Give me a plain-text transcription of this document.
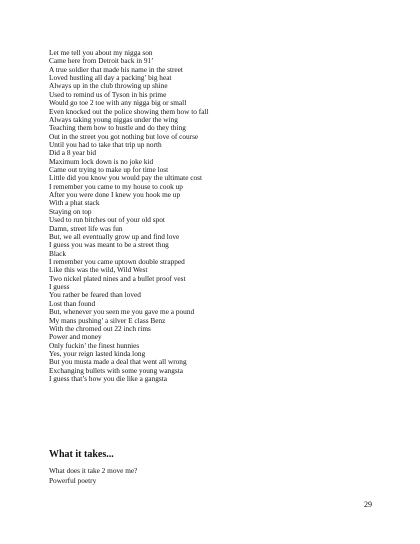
Let me tell you about my nigga son
Came here from Detroit back in 91’
A true soldier that made his name in the street
Loved hustling all day a packing’ big heat
Always up in the club throwing up shine
Used to remind us of Tyson in his prime
Would go toe 2 toe with any nigga big or small
Even knocked out the police showing them how to fall
Always taking young niggas under the wing
Teaching them how to hustle and do they thing
Out in the street you got nothing but love of course
Until you had to take that trip up north
Did a 8 year bid
Maximum lock down is no joke kid
Came out trying to make up for time lost
Little did you know you would pay the ultimate cost
I remember you came to my house to cook up
After you were done I knew you hook me up
With a phat stack
Staying on top
Used to run bitches out of your old spot
Damn, street life was fun
But, we all eventually grow up and find love
I guess you was meant to be a street thug
Black
I remember you came uptown double strapped
Like this was the wild, Wild West
Two nickel plated nines and a bullet proof vest
I guess
You rather be feared than loved
Lost than found
But, whenever you seen me you gave me a pound
My mans pushing’ a silver E class Benz
With the chromed out 22 inch rims
Power and money
Only fuckin’ the finest hunnies
Yes, your reign lasted kinda long
But you musta made a deal that went all wrong
Exchanging bullets with some young wangsta
I guess that’s how you die like a gangsta
What it takes...
What does it take 2 move me?
Powerful poetry
29
